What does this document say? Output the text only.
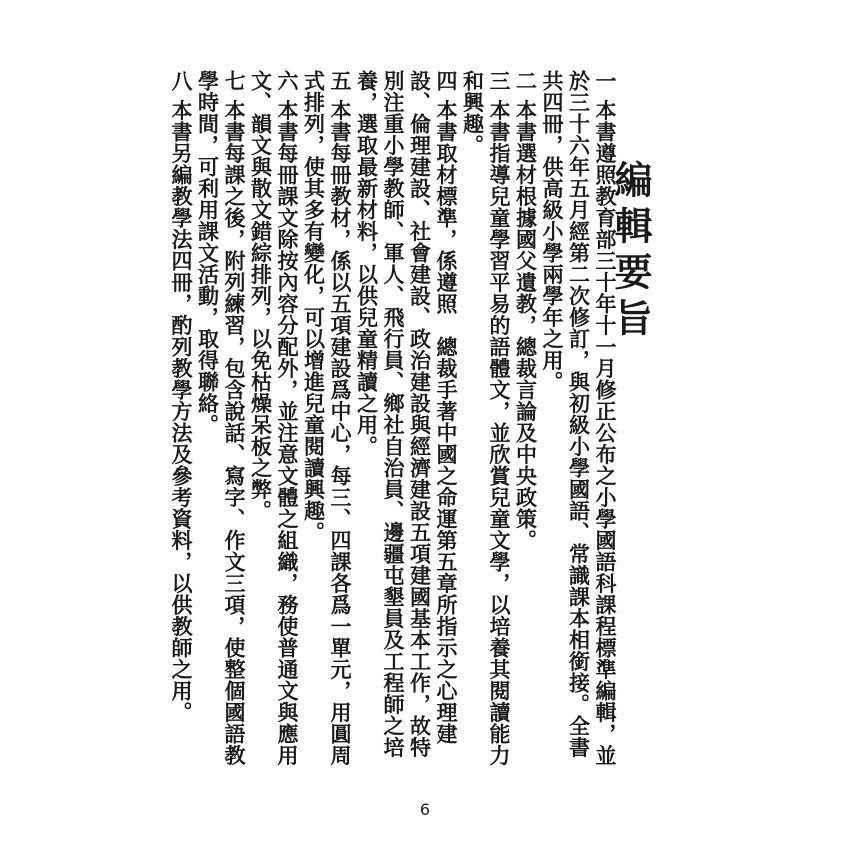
編輯要旨
一本書遵照教育部三十年十一月修正公布之小學國語科課程標準編輯，並於三十六年五月經第二次修訂，與初級小學國語、常識課本相銜接。全書共四冊，供高級小學兩學年之用。
二本書選材根據國父遺教，總裁言論及中央政策。
三本書指導兒童學習平易的語體文，並欣賞兒童文學，以培養其閱讀能力和興趣。
四本書取材標準，係遵照　總裁手著中國之命運第五章所指示之心理建設、倫理建設、社會建設、政治建設與經濟建設五項建國基本工作，故特別注重小學教師、軍人、飛行員、鄉社自治員、邊疆屯墾員及工程師之培養，選取最新材料，以供兒童精讀之用。
五本書每冊教材，係以五項建設爲中心，每三、四課各爲一單元，用圓周式排列，使其多有變化，可以增進兒童閱讀興趣。
六本書每冊課文除按內容分配外，並注意文體之組織，務使普通文與應用文、韻文與散文錯綜排列，以免枯燥呆板之弊。
七本書每課之後，附列練習，包含說話、寫字、作文三項，使整個國語教學時間，可利用課文活動，取得聯絡。
八本書另編教學法四冊，酌列教學方法及參考資料，以供教師之用。
6
